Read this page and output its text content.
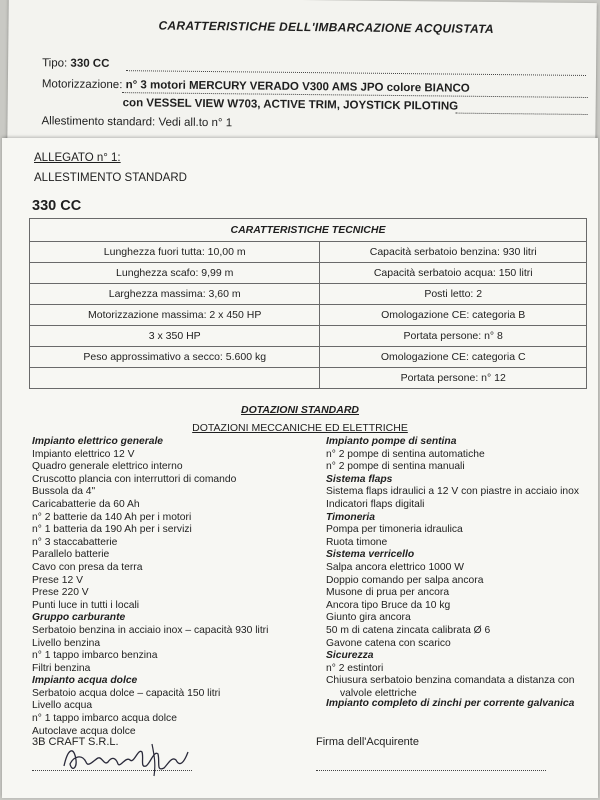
CARATTERISTICHE DELL'IMBARCAZIONE ACQUISTATA
Tipo: 330 CC
Motorizzazione: n° 3 motori MERCURY VERADO V300 AMS JPO colore BIANCO
con VESSEL VIEW W703, ACTIVE TRIM, JOYSTICK PILOTING
Allestimento standard: Vedi all.to n° 1
ALLEGATO n° 1:
ALLESTIMENTO STANDARD
330 CC
CARATTERISTICHE TECNICHE	
Lunghezza fuori tutta: 10,00 m	Capacità serbatoio benzina: 930 litri
Lunghezza scafo: 9,99 m	Capacità serbatoio acqua: 150 litri
Larghezza massima: 3,60 m	Posti letto: 2
Motorizzazione massima: 2 x 450 HP	Omologazione CE: categoria B
3 x 350 HP	Portata persone: n° 8
Peso approssimativo a secco: 5.600 kg	Omologazione CE: categoria C
	Portata persone: n° 12
DOTAZIONI STANDARD
DOTAZIONI MECCANICHE ED ELETTRICHE
Impianto elettrico generale
Impianto elettrico 12 V
Quadro generale elettrico interno
Cruscotto plancia con interruttori di comando
Bussola da 4"
Caricabatterie da 60 Ah
n° 2 batterie da 140 Ah per i motori
n° 1 batteria da 190 Ah per i servizi
n° 3 staccabatterie
Parallelo batterie
Cavo con presa da terra
Prese 12 V
Prese 220 V
Punti luce in tutti i locali
Gruppo carburante
Serbatoio benzina in acciaio inox – capacità 930 litri
Livello benzina
n° 1 tappo imbarco benzina
Filtri benzina
Impianto acqua dolce
Serbatoio acqua dolce – capacità 150 litri
Livello acqua
n° 1 tappo imbarco acqua dolce
Autoclave acqua dolce
Impianto pompe di sentina
n° 2 pompe di sentina automatiche
n° 2 pompe di sentina manuali
Sistema flaps
Sistema flaps idraulici a 12 V con piastre in acciaio inox
Indicatori flaps digitali
Timoneria
Pompa per timoneria idraulica
Ruota timone
Sistema verricello
Salpa ancora elettrico 1000 W
Doppio comando per salpa ancora
Musone di prua per ancora
Ancora tipo Bruce da 10 kg
Giunto gira ancora
50 m di catena zincata calibrata Ø 6
Gavone catena con scarico
Sicurezza
n° 2 estintori
Chiusura serbatoio benzina comandata a distanza con
valvole elettriche
Impianto completo di zinchi per corrente galvanica
3B CRAFT S.R.L.	Firma dell'Acquirente
